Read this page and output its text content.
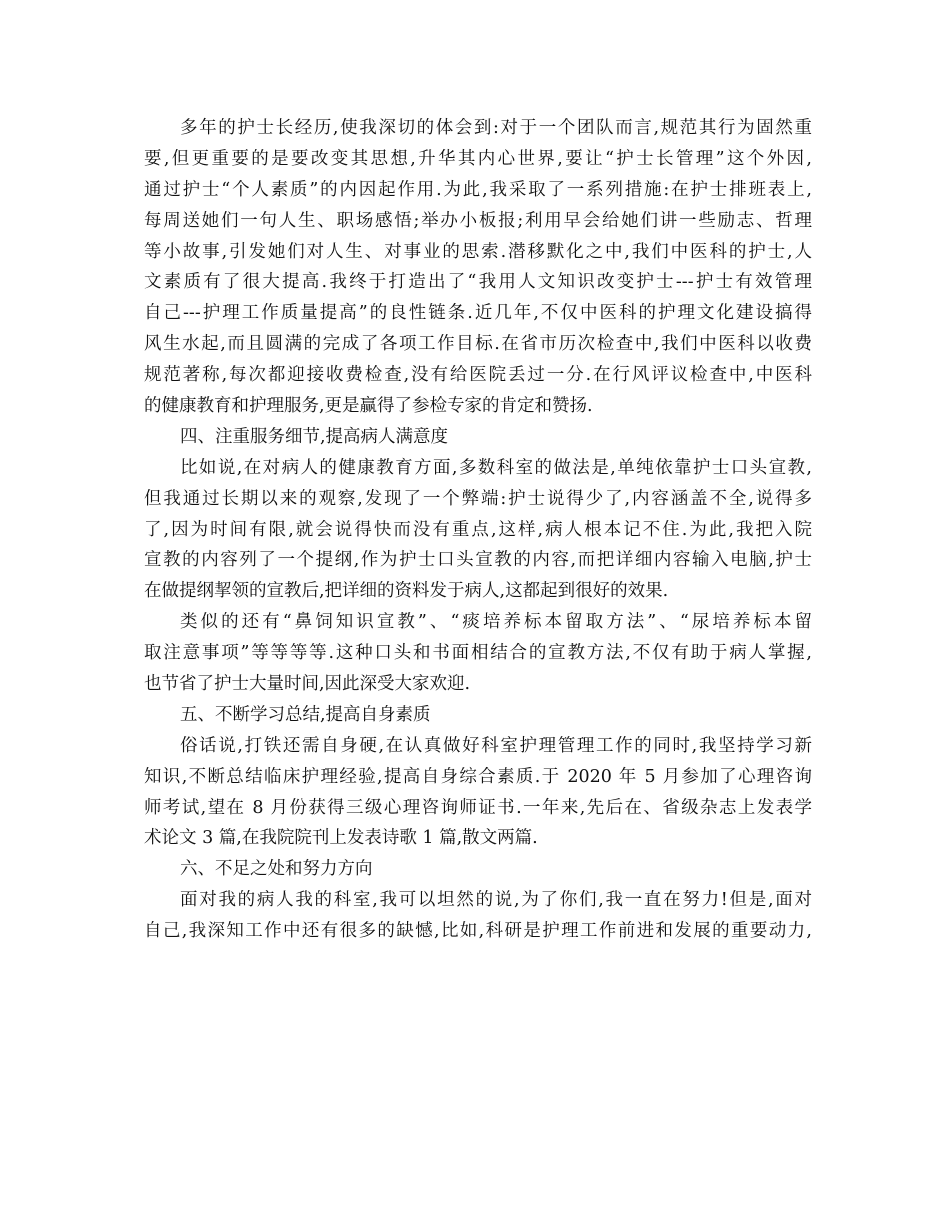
多年的护士长经历,使我深切的体会到:对于一个团队而言,规范其行为固然重
要,但更重要的是要改变其思想,升华其内心世界,要让“护士长管理”这个外因,
通过护士“个人素质”的内因起作用.为此,我采取了一系列措施:在护士排班表上,
每周送她们一句人生、职场感悟;举办小板报;利用早会给她们讲一些励志、哲理
等小故事,引发她们对人生、对事业的思索.潜移默化之中,我们中医科的护士,人
文素质有了很大提高.我终于打造出了“我用人文知识改变护士---护士有效管理
自己---护理工作质量提高”的良性链条.近几年,不仅中医科的护理文化建设搞得
风生水起,而且圆满的完成了各项工作目标.在省市历次检查中,我们中医科以收费
规范著称,每次都迎接收费检查,没有给医院丢过一分.在行风评议检查中,中医科
的健康教育和护理服务,更是赢得了参检专家的肯定和赞扬.
四、注重服务细节,提高病人满意度
比如说,在对病人的健康教育方面,多数科室的做法是,单纯依靠护士口头宣教,
但我通过长期以来的观察,发现了一个弊端:护士说得少了,内容涵盖不全,说得多
了,因为时间有限,就会说得快而没有重点,这样,病人根本记不住.为此,我把入院
宣教的内容列了一个提纲,作为护士口头宣教的内容,而把详细内容输入电脑,护士
在做提纲挈领的宣教后,把详细的资料发于病人,这都起到很好的效果.
类似的还有“鼻饲知识宣教”、“痰培养标本留取方法”、“尿培养标本留
取注意事项”等等等等.这种口头和书面相结合的宣教方法,不仅有助于病人掌握,
也节省了护士大量时间,因此深受大家欢迎.
五、不断学习总结,提高自身素质
俗话说,打铁还需自身硬,在认真做好科室护理管理工作的同时,我坚持学习新
知识,不断总结临床护理经验,提高自身综合素质.于 2020 年 5 月参加了心理咨询
师考试,望在 8 月份获得三级心理咨询师证书.一年来,先后在、省级杂志上发表学
术论文 3 篇,在我院院刊上发表诗歌 1 篇,散文两篇.
六、不足之处和努力方向
面对我的病人我的科室,我可以坦然的说,为了你们,我一直在努力!但是,面对
自己,我深知工作中还有很多的缺憾,比如,科研是护理工作前进和发展的重要动力,
